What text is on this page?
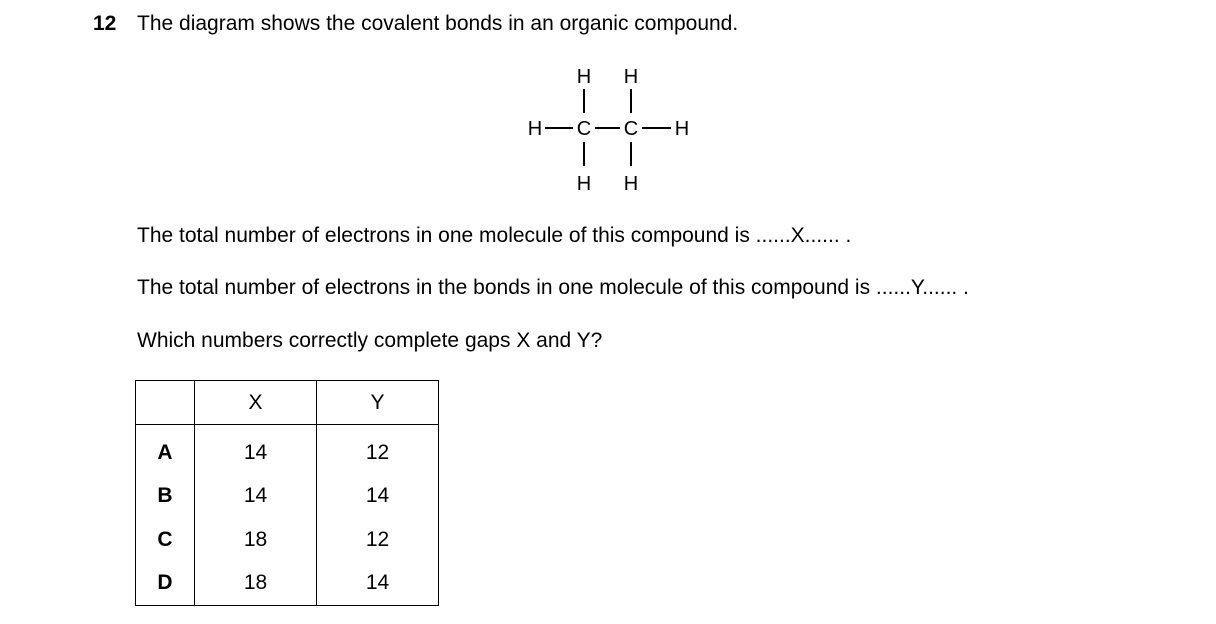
12 The diagram shows the covalent bonds in an organic compound.
H H
H C C H
H H
The total number of electrons in one molecule of this compound is ......X...... .
The total number of electrons in the bonds in one molecule of this compound is ......Y...... .
Which numbers correctly complete gaps X and Y?
	X	Y
A	14	12
B	14	14
C	18	12
D	18	14
